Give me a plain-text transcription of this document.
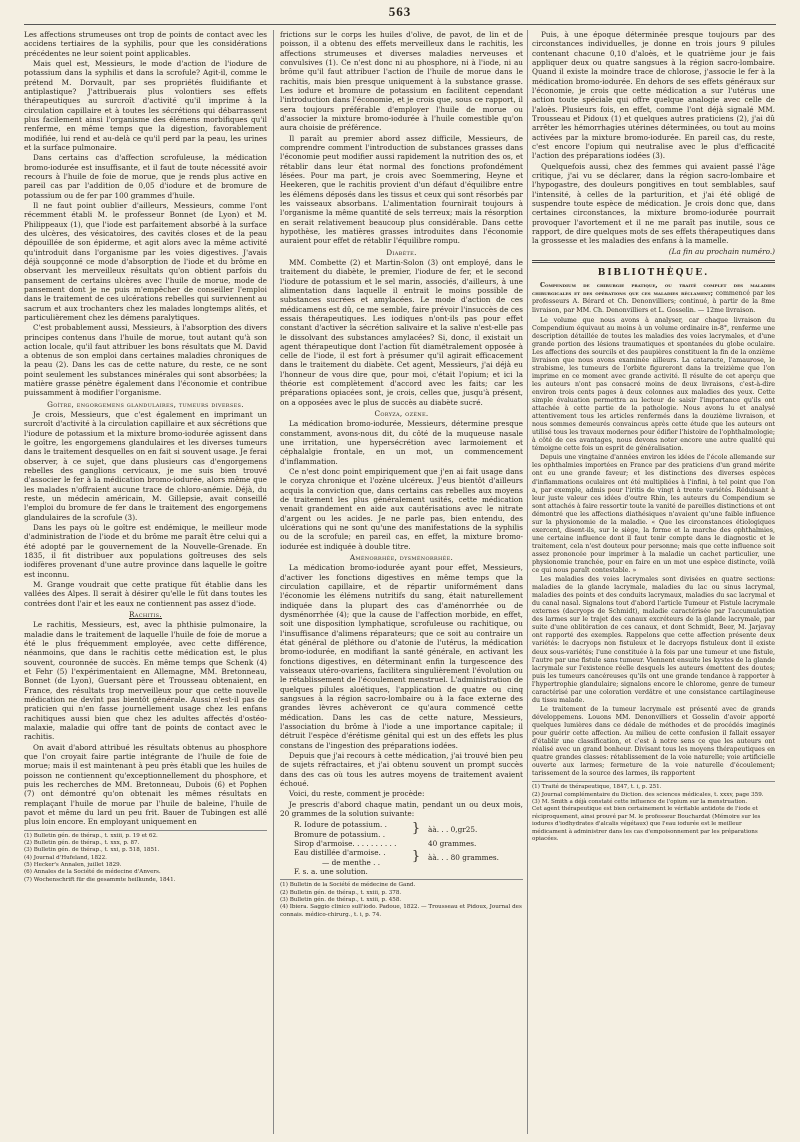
563

Les affections strumeuses ont trop de points de contact avec les accidens tertiaires de la syphilis, pour que les considérations précédentes ne leur soient point applicables.

Mais quel est, Messieurs, le mode d'action de l'iodure de potassium dans la syphilis et dans la scrofule? Agit-il, comme le prétend M. Dorvault, par ses propriétés fluidifiante et antiplastique? J'attribuerais plus volontiers ses effets thérapeutiques au surcroît d'activité qu'il imprime à la circulation capillaire et à toutes les sécrétions qui débarrassent plus facilement ainsi l'organisme des élémens morbifiques qu'il renferme, en même temps que la digestion, favorablement modifiée, lui rend et au-delà ce qu'il perd par la peau, les urines et la surface pulmonaire.

Dans certains cas d'affection scrofuleuse, la médication bromo-iodurée est insuffisante, et il faut de toute nécessité avoir recours à l'huile de foie de morue, que je rends plus active en pareil cas par l'addition de 0,05 d'iodure et de bromure de potassium ou de fer par 100 grammes d'huile.

Il ne faut point oublier d'ailleurs, Messieurs, comme l'ont récemment établi M. le professeur Bonnet (de Lyon) et M. Philippeaux (1), que l'iode est parfaitement absorbé à la surface des ulcères, des vésicatoires, des cavités closes et de la peau dépouillée de son épiderme, et agit alors avec la même activité qu'introduit dans l'organisme par les voies digestives. J'avais déjà soupçonné ce mode d'absorption de l'iode et du brôme en observant les merveilleux résultats qu'on obtient parfois du pansement de certains ulcères avec l'huile de morue, mode de pansement dont je ne puis m'empêcher de conseiller l'emploi dans le traitement de ces ulcérations rebelles qui surviennent au sacrum et aux trochanters chez les malades longtemps alités, et particulièrement chez les démens paralytiques.

C'est probablement aussi, Messieurs, à l'absorption des divers principes contenus dans l'huile de morue, tout autant qu'à son action locale, qu'il faut attribuer les bons résultats que M. David a obtenus de son emploi dans certaines maladies chroniques de la peau (2). Dans les cas de cette nature, du reste, ce ne sont point seulement les substances minérales qui sont absorbées; la matière grasse pénètre également dans l'économie et contribue puissamment à modifier l'organisme.

Goître, engorgemens glandulaires, tumeurs diverses.

Je crois, Messieurs, que c'est également en imprimant un surcroît d'activité à la circulation capillaire et aux sécrétions que l'iodure de potassium et la mixture bromo-iodurée agissent dans le goître, les engorgemens glandulaires et les diverses tumeurs dans le traitement desquelles on en fait si souvent usage. Je ferai observer, à ce sujet, que dans plusieurs cas d'engorgemens rebelles des ganglions cervicaux, je me suis bien trouvé d'associer le fer à la médication bromo-iodurée, alors même que les malades n'offraient aucune trace de chloro-anémie. Déjà, du reste, un médecin américain, M. Gillepsie, avait conseillé l'emploi du bromure de fer dans le traitement des engorgemens glandulaires de la scrofule (3).

Dans les pays où le goître est endémique, le meilleur mode d'administration de l'iode et du brôme me paraît être celui qui a été adopté par le gouvernement de la Nouvelle-Grenade. En 1835, il fit distribuer aux populations goîtreuses des sels iodifères provenant d'une autre province dans laquelle le goître est inconnu.

M. Grange voudrait que cette pratique fût établie dans les vallées des Alpes. Il serait à désirer qu'elle le fût dans toutes les contrées dont l'air et les eaux ne contiennent pas assez d'iode.

Rachitis.

Le rachitis, Messieurs, est, avec la phthisie pulmonaire, la maladie dans le traitement de laquelle l'huile de foie de morue a été le plus fréquemment employée, avec cette différence, néanmoins, que dans le rachitis cette médication est, le plus souvent, couronnée de succès. En même temps que Schenk (4) et Fehr (5) l'expérimentaient en Allemagne, MM. Bretonneau, Bonnet (de Lyon), Guersant père et Trousseau obtenaient, en France, des résultats trop merveilleux pour que cette nouvelle médication ne devînt pas bientôt générale. Aussi n'est-il pas de praticien qui n'en fasse journellement usage chez les enfans rachitiques aussi bien que chez les adultes affectés d'ostéo-malaxie, maladie qui offre tant de points de contact avec le rachitis.

On avait d'abord attribué les résultats obtenus au phosphore que l'on croyait faire partie intégrante de l'huile de foie de morue; mais il est maintenant à peu près établi que les huiles de poisson ne contiennent qu'exceptionnellement du phosphore, et puis les recherches de MM. Bretonneau, Dubois (6) et Pophen (7) ont démontré qu'on obtenait les mêmes résultats en remplaçant l'huile de morue par l'huile de baleine, l'huile de pavot et même du lard un peu frit. Bauer de Tubingen est allé plus loin encore. En employant uniquement en

(1) Bulletin gén. de thérap., t. xxiii, p. 19 et 62.

(2) Bulletin gén. de thérap., t. xxx, p. 87.

(3) Bulletin gén. de thérap., t. xxi, p. 518, 1851.

(4) Journal d'Hufeland, 1822.

(5) Hecker's Annalen, juillet 1829.

(6) Annales de la Société de médecine d'Anvers.

(7) Wochenschrift für die gesammte heilkunde, 1841.

frictions sur le corps les huiles d'olive, de pavot, de lin et de poisson, il a obtenu des effets merveilleux dans le rachitis, les affections strumeuses et diverses maladies nerveuses et convulsives (1). Ce n'est donc ni au phosphore, ni à l'iode, ni au brôme qu'il faut attribuer l'action de l'huile de morue dans le rachitis, mais bien presque uniquement à la substance grasse. Les iodure et bromure de potassium en facilitent cependant l'introduction dans l'économie, et je crois que, sous ce rapport, il sera toujours préférable d'employer l'huile de morue ou d'associer la mixture bromo-iodurée à l'huile comestible qu'on aura choisie de préférence.

Il paraît au premier abord assez difficile, Messieurs, de comprendre comment l'introduction de substances grasses dans l'économie peut modifier aussi rapidement la nutrition des os, et rétablir dans leur état normal des fonctions profondément lésées. Pour ma part, je crois avec Soemmering, Heyne et Heekeren, que le rachitis provient d'un défaut d'équilibre entre les élémens déposés dans les tissus et ceux qui sont résorbés par les vaisseaux absorbans. L'alimentation fournirait toujours à l'organisme la même quantité de sels terreux; mais la résorption en serait relativement beaucoup plus considérable. Dans cette hypothèse, les matières grasses introduites dans l'économie auraient pour effet de rétablir l'équilibre rompu.

Diabète.

MM. Combette (2) et Martin-Solon (3) ont employé, dans le traitement du diabète, le premier, l'iodure de fer, et le second l'iodure de potassium et le sel marin, associés, d'ailleurs, à une alimentation dans laquelle il entrait le moins possible de substances sucrées et amylacées. Le mode d'action de ces médicamens est dû, ce me semble, faire prévoir l'insuccès de ces essais thérapeutiques. Les iodiques n'ont-ils pas pour effet constant d'activer la sécrétion salivaire et la salive n'est-elle pas le dissolvant des substances amylacées? Si, donc, il existait un agent thérapeutique dont l'action fût diamétralement opposée à celle de l'iode, il est fort à présumer qu'il agirait efficacement dans le traitement du diabète. Cet agent, Messieurs, j'ai déjà eu l'honneur de vous dire que, pour moi, c'était l'opium; et ici la théorie est complètement d'accord avec les faits; car les préparations opiacées sont, je crois, celles que, jusqu'à présent, on a opposées avec le plus de succès au diabète sucré.

Coryza, ozène.

La médication bromo-iodurée, Messieurs, détermine presque constamment, avons-nous dit, du côté de la muqueuse nasale une irritation, une hypersécrétion avec larmoiement et céphalalgie frontale, en un mot, un commencement d'inflammation.

Ce n'est donc point empiriquement que j'en ai fait usage dans le coryza chronique et l'ozène ulcéreux. J'eus bientôt d'ailleurs acquis la conviction que, dans certains cas rebelles aux moyens de traitement les plus généralement usités, cette médication venait grandement en aide aux cautérisations avec le nitrate d'argent ou les acides. Je ne parle pas, bien entendu, des ulcérations qui ne sont qu'une des manifestations de la syphilis ou de la scrofule; en pareil cas, en effet, la mixture bromo-iodurée est indiquée à double titre.

Aménorrhée, dysménorrhée.

La médication bromo-iodurée ayant pour effet, Messieurs, d'activer les fonctions digestives en même temps que la circulation capillaire, et de répartir uniformément dans l'économie les élémens nutritifs du sang, était naturellement indiquée dans la plupart des cas d'aménorrhée ou de dysménorrhée (4); que la cause de l'affection morbide, en effet, soit une disposition lymphatique, scrofuleuse ou rachitique, ou l'insuffisance d'alimens réparateurs; que ce soit au contraire un état général de pléthore ou d'atonie de l'utérus, la médication bromo-iodurée, en modifiant la santé générale, en activant les fonctions digestives, en déterminant enfin la turgescence des vaisseaux utéro-ovariens, facilitera singulièrement l'évolution ou le rétablissement de l'écoulement menstruel. L'administration de quelques pilules aloétiques, l'application de quatre ou cinq sangsues à la région sacro-lombaire ou à la face externe des grandes lèvres achèveront ce qu'aura commencé cette médication. Dans les cas de cette nature, Messieurs, l'association du brôme à l'iode a une importance capitale; il détruit l'espèce d'érétisme génital qui est un des effets les plus constans de l'ingestion des préparations iodées.

Depuis que j'ai recours à cette médication, j'ai trouvé bien peu de sujets réfractaires, et j'ai obtenu souvent un prompt succès dans des cas où tous les autres moyens de traitement avaient échoué.

Voici, du reste, comment je procède:

Je prescris d'abord chaque matin, pendant un ou deux mois, 20 grammes de la solution suivante:

R. Iodure de potassium. .
Bromure de potassium. .	}	àà. . . 0,gr25.
Sirop d'armoise. . . . . . . . . .	40 grammes.
Eau distillée d'armoise. .
— de menthe . .	}	àà. . . 80 grammes.
F. s. a. une solution.

(1) Bulletin de la Société de médecine de Gand.

(2) Bulletin gén. de thérap., t. xxiii, p. 378.

(3) Bulletin gén. de thérap., t. xxiii, p. 458.

(4) Ibiera. Saggio clinico sull'iodo. Padoue, 1822. — Trousseau et Pidoux, Journal des connais. médico-chirurg., t. i, p. 74.

Puis, à une époque déterminée presque toujours par des circonstances individuelles, je donne en trois jours 9 pilules contenant chacune 0,10 d'aloès, et le quatrième jour je fais appliquer deux ou quatre sangsues à la région sacro-lombaire. Quand il existe la moindre trace de chlorose, j'associe le fer à la médication bromo-iodurée. En dehors de ses effets généraux sur l'économie, je crois que cette médication a sur l'utérus une action toute spéciale qui offre quelque analogie avec celle de l'aloès. Plusieurs fois, en effet, comme l'ont déjà signalé MM. Trousseau et Pidoux (1) et quelques autres praticiens (2), j'ai dû arrêter les hémorrhagies utérines déterminées, ou tout au moins activées par la mixture bromo-iodurée. En pareil cas, du reste, c'est encore l'opium qui neutralise avec le plus d'efficacité l'action des préparations iodées (3).

Quelquefois aussi, chez des femmes qui avaient passé l'âge critique, j'ai vu se déclarer, dans la région sacro-lombaire et l'hypogastre, des douleurs pongitives en tout semblables, sauf l'intensité, à celles de la parturition, et j'ai été obligé de suspendre toute espèce de médication. Je crois donc que, dans certaines circonstances, la mixture bromo-iodurée pourrait provoquer l'avortement et il ne me paraît pas inutile, sous ce rapport, de dire quelques mots de ses effets thérapeutiques dans la grossesse et les maladies des enfans à la mamelle.

(La fin au prochain numéro.)

BIBLIOTHÈQUE.
Compendium de chirurgie pratique, ou traité complet des maladies chirurgicales et des opérations que ces maladies réclament; commencé par les professeurs A. Bérard et Ch. Denonvilliers; continué, à partir de la 8me livraison, par MM. Ch. Denonvilliers et L. Gosselin. — 12me livraison.

Le volume que nous avons à analyser, car chaque livraison du Compendium équivaut au moins à un volume ordinaire in-8°, renferme une description détaillée de toutes les maladies des voies lacrymales, et d'une grande portion des lésions traumatiques et spontanées du globe oculaire. Les affections des sourcils et des paupières constituent la fin de la onzième livraison que nous avons examinée ailleurs. La cataracte, l'amaurose, le strabisme, les tumeurs de l'orbite figureront dans la treizième que l'on imprime en ce moment avec grande activité. Il résulte de cet aperçu que les auteurs n'ont pas consacré moins de deux livraisons, c'est-à-dire environ trois cents pages à deux colonnes aux maladies des yeux. Cette simple évaluation permettra au lecteur de saisir l'importance qu'ils ont attachée à cette partie de la pathologie. Nous avons lu et analysé attentivement tous les articles renfermés dans la douzième livraison, et nous sommes demeurés convaincus après cette étude que les auteurs ont utilisé tous les travaux modernes pour édifier l'histoire de l'ophthalmologie; à côté de ces avantages, nous devons noter encore une autre qualité qui témoigne cette fois un esprit de généralisation.

Depuis une vingtaine d'années environ les idées de l'école allemande sur les ophthalmies importées en France par des praticiens d'un grand mérite ont eu une grande faveur; et les distinctions des diverses espèces d'inflammations oculaires ont été multipliées à l'infini, à tel point que l'on a, par exemple, admis pour l'iritis de vingt à trente variétés. Réduisant à leur juste valeur ces idées d'outre Rhin, les auteurs du Compendium se sont attachés à faire ressortir toute la vanité de pareilles distinctions et ont démontré que les affections diathésiques n'avaient qu'une faible influence sur la physionomie de la maladie. « Que les circonstances étiologiques exercent, disent-ils, sur le siège, la forme et la marche des ophthalmies, une certaine influence dont il faut tenir compte dans le diagnostic et le traitement, cela n'est douteux pour personne; mais que cette influence soit assez prononcée pour imprimer à la maladie un cachet particulier, une physionomie tranchée, pour en faire en un mot une espèce distincte, voilà ce qui nous paraît contestable. »

Les maladies des voies lacrymales sont divisées en quatre sections: maladies de la glande lacrymale, maladies du lac ou sinus lacrymal, maladies des points et des conduits lacrymaux, maladies du sac lacrymal et du canal nasal. Signalons tout d'abord l'article Tumeur et Fistule lacrymale externes (dacryops de Schmidt), maladie caractérisée par l'accumulation des larmes sur le trajet des canaux excréteurs de la glande lacrymale, par suite d'une oblitération de ces canaux, et dont Schmidt, Beer, M. Jarjavay ont rapporté des exemples. Rappelons que cette affection présente deux variétés: le dacryops non fistuleux et le dacryops fistuleux dont il existe deux sous-variétés; l'une constituée à la fois par une tumeur et une fistule, l'autre par une fistule sans tumeur. Viennent ensuite les kystes de la glande lacrymale sur l'existence réelle desquels les auteurs émettent des doutes; puis les tumeurs cancéreuses qu'ils ont une grande tendance à rapporter à l'hypertrophie glandulaire; signalons encore le chlorome, genre de tumeur caractérisé par une coloration verdâtre et une consistance cartilagineuse du tissu malade.

Le traitement de la tumeur lacrymale est présenté avec de grands développemens. Louons MM. Denonvilliers et Gosselin d'avoir apporté quelques lumières dans ce dédale de méthodes et de procédés imaginés pour guérir cette affection. Au milieu de cette confusion il fallait essayer d'établir une classification, et c'est à notre sens ce que les auteurs ont réalisé avec un grand bonheur. Divisant tous les moyens thérapeutiques en quatre grandes classes: rétablissement de la voie naturelle; voie artificielle ouverte aux larmes; fermeture de la voie naturelle d'écoulement; tarissement de la source des larmes, ils rapportent

(1) Traité de thérapeutique, 1847, t. i, p. 251.

(2) Journal complémentaire du Diction. des sciences médicales, t. xxxv, page 359.

(3) M. Smith a déjà constaté cette influence de l'opium sur la menstruation.

Cet agent thérapeutique est bien certainement le véritable antidote de l'iode et réciproquement, ainsi prouvé par M. le professeur Bouchardat (Mémoire sur les iodures d'iodhydrates d'alcalis végétaux) que l'eau iodurée est le meilleur médicament à administrer dans les cas d'empoisonnement par les préparations opiacées.
